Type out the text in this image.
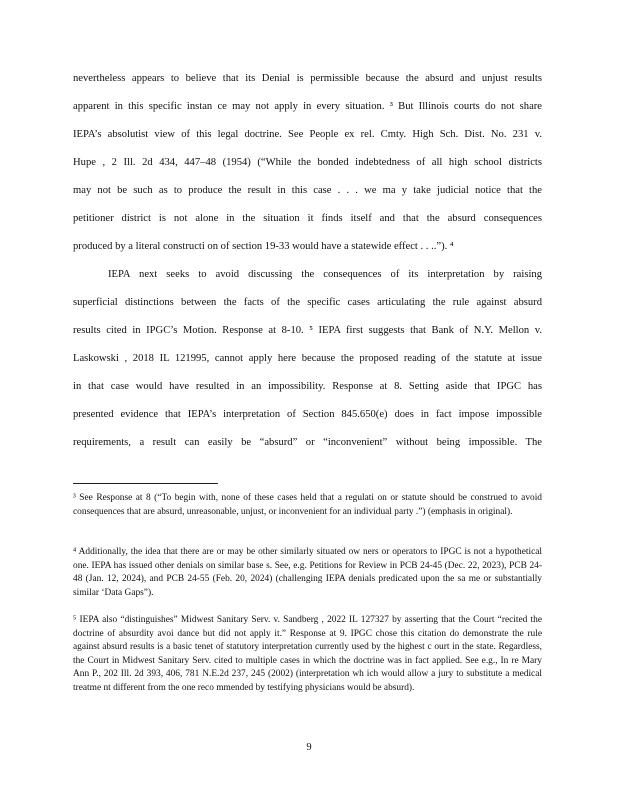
nevertheless appears to believe that its Denial is permissible because the absurd and unjust results
apparent in this specific instan ce may not apply in every situation. ³ But Illinois courts do not share
IEPA’s absolutist view of this legal doctrine. See People ex rel. Cmty. High Sch. Dist. No. 231 v.
Hupe , 2 Ill. 2d 434, 447–48 (1954) (“While the bonded indebtedness of all high school districts
may not be such as to produce the result in this case . . . we ma y take judicial notice that the
petitioner district is not alone in the situation it finds itself and that the absurd consequences
produced by a literal constructi on of section 19-33 would have a statewide effect . . ..”). ⁴
IEPA next seeks to avoid discussing the consequences of its interpretation by raising
superficial distinctions between the facts of the specific cases articulating the rule against absurd
results cited in IPGC’s Motion. Response at 8-10. ⁵ IEPA first suggests that Bank of N.Y. Mellon v.
Laskowski , 2018 IL 121995, cannot apply here because the proposed reading of the statute at issue
in that case would have resulted in an impossibility. Response at 8. Setting aside that IPGC has
presented evidence that IEPA’s interpretation of Section 845.650(e) does in fact impose impossible
requirements, a result can easily be “absurd” or “inconvenient” without being impossible. The
³ See Response at 8 (“To begin with, none of these cases held that a regulati on or statute should be construed to avoid consequences that are absurd, unreasonable, unjust, or inconvenient for an individual party .”) (emphasis in original).
⁴ Additionally, the idea that there are or may be other similarly situated ow ners or operators to IPGC is not a hypothetical one. IEPA has issued other denials on similar base s. See, e.g. Petitions for Review in PCB 24-45 (Dec. 22, 2023), PCB 24-48 (Jan. 12, 2024), and PCB 24-55 (Feb. 20, 2024) (challenging IEPA denials predicated upon the sa me or substantially similar ‘Data Gaps”).
⁵ IEPA also “distinguishes” Midwest Sanitary Serv. v. Sandberg , 2022 IL 127327 by asserting that the Court “recited the doctrine of absurdity avoi dance but did not apply it.” Response at 9. IPGC chose this citation do demonstrate the rule against absurd results is a basic tenet of statutory interpretation currently used by the highest c ourt in the state. Regardless, the Court in Midwest Sanitary Serv. cited to multiple cases in which the doctrine was in fact applied. See e.g., In re Mary Ann P., 202 Ill. 2d 393, 406, 781 N.E.2d 237, 245 (2002) (interpretation wh ich would allow a jury to substitute a medical treatme nt different from the one reco mmended by testifying physicians would be absurd).
9
